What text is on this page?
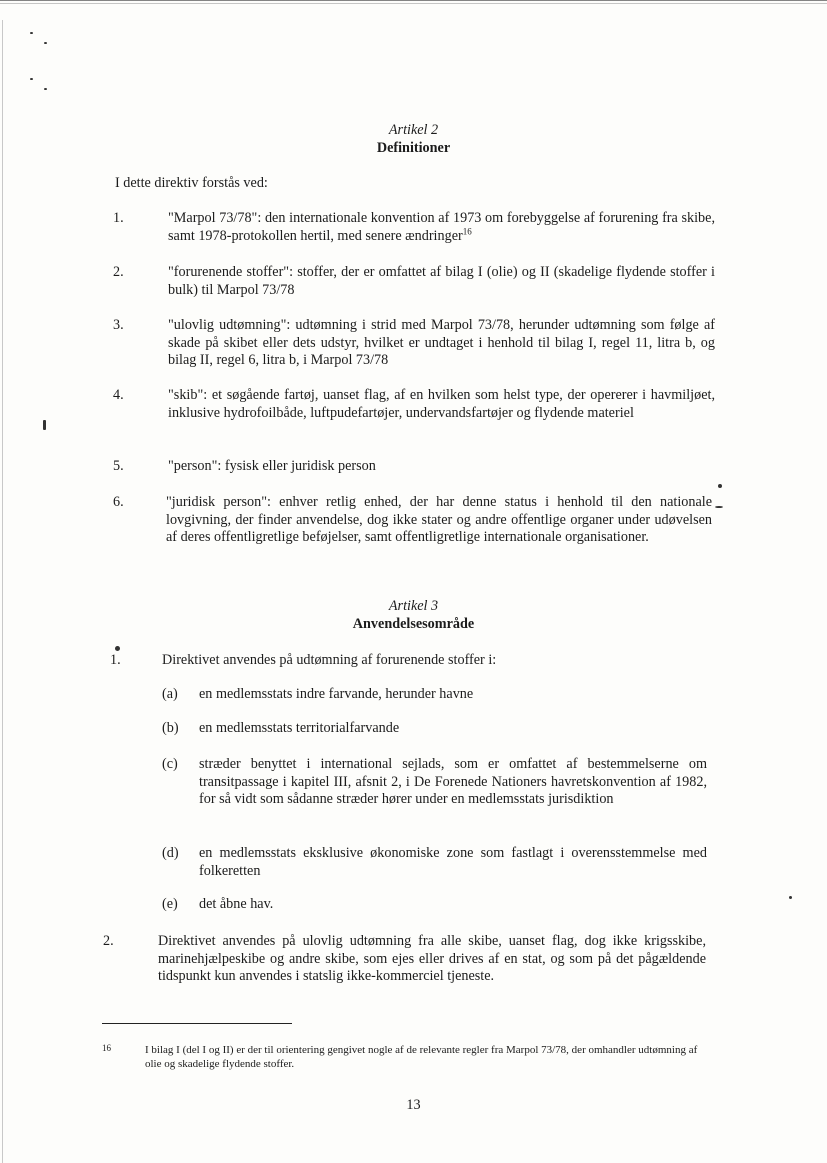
Artikel 2
Definitioner
I dette direktiv forstås ved:
1.	"Marpol 73/78": den internationale konvention af 1973 om forebyggelse af forurening fra skibe, samt 1978-protokollen hertil, med senere ændringer$^{16}$
2.	"forurenende stoffer": stoffer, der er omfattet af bilag I (olie) og II (skadelige flydende stoffer i bulk) til Marpol 73/78
3.	"ulovlig udtømning": udtømning i strid med Marpol 73/78, herunder udtømning som følge af skade på skibet eller dets udstyr, hvilket er undtaget i henhold til bilag I, regel 11, litra b, og bilag II, regel 6, litra b, i Marpol 73/78
4.	"skib": et søgående fartøj, uanset flag, af en hvilken som helst type, der opererer i havmiljøet, inklusive hydrofoilbåde, luftpudefartøjer, undervandsfartøjer og flydende materiel
5.	"person": fysisk eller juridisk person
6.	"juridisk person": enhver retlig enhed, der har denne status i henhold til den nationale lovgivning, der finder anvendelse, dog ikke stater og andre offentlige organer under udøvelsen af deres offentligretlige beføjelser, samt offentligretlige internationale organisationer.
Artikel 3
Anvendelsesområde
1.	Direktivet anvendes på udtømning af forurenende stoffer i:
(a) en medlemsstats indre farvande, herunder havne
(b) en medlemsstats territorialfarvande
(c) stræder benyttet i international sejlads, som er omfattet af bestemmelserne om transitpassage i kapitel III, afsnit 2, i De Forenede Nationers havretskonvention af 1982, for så vidt som sådanne stræder hører under en medlemsstats jurisdiktion
(d) en medlemsstats eksklusive økonomiske zone som fastlagt i overensstemmelse med folkeretten
(e) det åbne hav.
2.	Direktivet anvendes på ulovlig udtømning fra alle skibe, uanset flag, dog ikke krigsskibe, marinehjælpeskibe og andre skibe, som ejes eller drives af en stat, og som på det pågældende tidspunkt kun anvendes i statslig ikke-kommerciel tjeneste.
16	I bilag I (del I og II) er der til orientering gengivet nogle af de relevante regler fra Marpol 73/78, der omhandler udtømning af olie og skadelige flydende stoffer.
13
